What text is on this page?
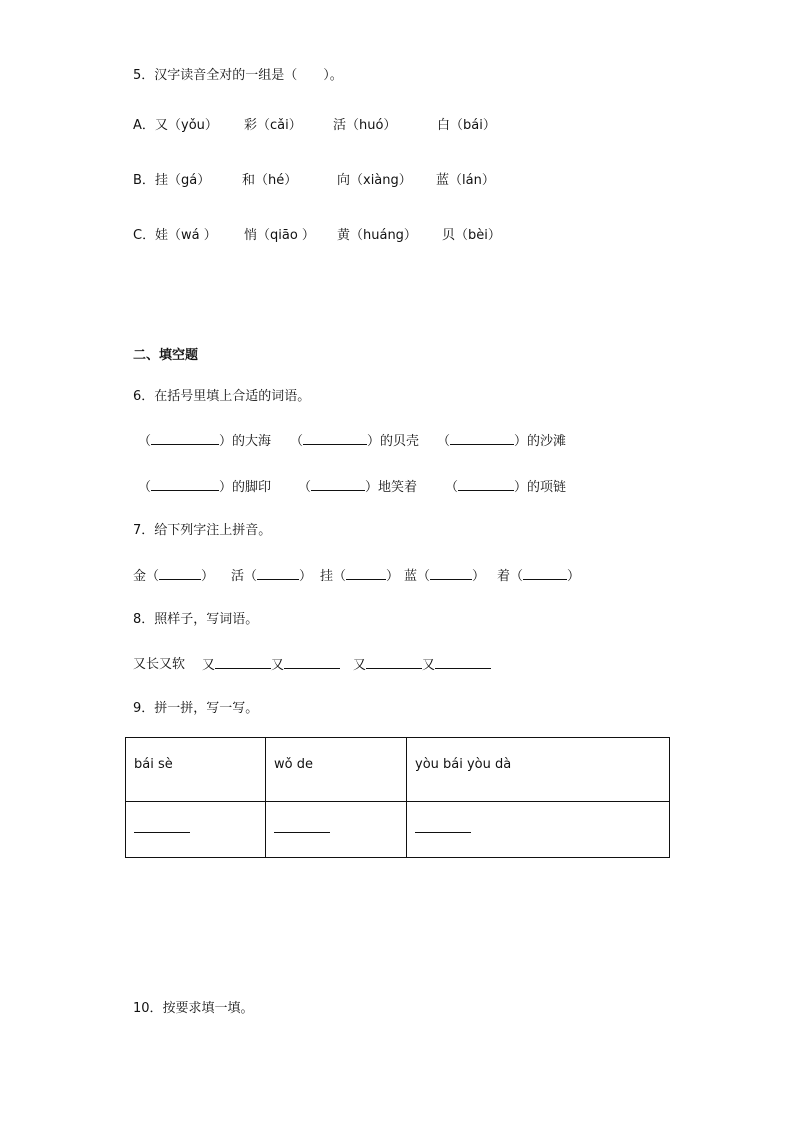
5．汉字读音全对的一组是（　　）。
A． 又（yǒu） 彩（cǎi） 活（huó）	白（bái）
B． 挂（gá） 和（hé）	向（xiàng） 蓝（lán）
C． 娃（wá ） 悄（qiāo ） 黄（huáng） 贝（bèi）
二、填空题
6．在括号里填上合适的词语。
（	）的大海 （	）的贝壳 （	）的沙滩
（	）的脚印 （	）地笑着 （	）的项链
7．给下列字注上拼音。
金（	） 活（	） 挂（	） 蓝（	） 着（	）
8．照样子，写词语。
又长又软 又	又	又	又
9．拼一拼，写一写。
bái sè	wǒ de	yòu bái yòu dà

10．按要求填一填。
